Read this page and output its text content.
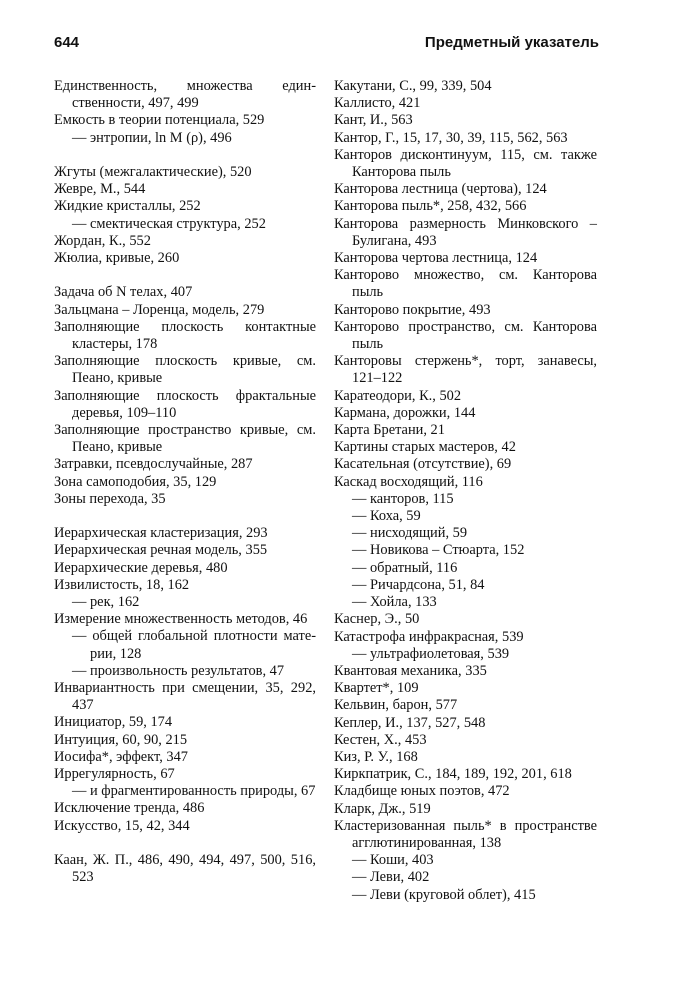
644	Предметный указатель
Единственность, множества единственности, 497, 499
Емкость в теории потенциала, 529
— энтропии, ln M (ρ), 496
Жгуты (межгалактические), 520
Жевре, М., 544
Жидкие кристаллы, 252
— смектическая структура, 252
Жордан, К., 552
Жюлиа, кривые, 260
Задача об N телах, 407
Зальцмана – Лоренца, модель, 279
Заполняющие плоскость контактные кластеры, 178
Заполняющие плоскость кривые, см. Пеано, кривые
Заполняющие плоскость фрактальные деревья, 109–110
Заполняющие пространство кривые, см. Пеано, кривые
Затравки, псевдослучайные, 287
Зона самоподобия, 35, 129
Зоны перехода, 35
Иерархическая кластеризация, 293
Иерархическая речная модель, 355
Иерархические деревья, 480
Извилистость, 18, 162
— рек, 162
Измерение множественность методов, 46
— общей глобальной плотности материи, 128
— произвольность результатов, 47
Инвариантность при смещении, 35, 292, 437
Инициатор, 59, 174
Интуиция, 60, 90, 215
Иосифа*, эффект, 347
Иррегулярность, 67
— и фрагментированность природы, 67
Исключение тренда, 486
Искусство, 15, 42, 344
Каан, Ж. П., 486, 490, 494, 497, 500, 516, 523
Какутани, С., 99, 339, 504
Каллисто, 421
Кант, И., 563
Кантор, Г., 15, 17, 30, 39, 115, 562, 563
Канторов дисконтинуум, 115, см. также Канторова пыль
Канторова лестница (чертова), 124
Канторова пыль*, 258, 432, 566
Канторова размерность Минковского – Булигана, 493
Канторова чертова лестница, 124
Канторово множество, см. Канторова пыль
Канторово покрытие, 493
Канторово пространство, см. Канторова пыль
Канторовы стержень*, торт, занавесы, 121–122
Каратеодори, К., 502
Кармана, дорожки, 144
Карта Бретани, 21
Картины старых мастеров, 42
Касательная (отсутствие), 69
Каскад восходящий, 116
— канторов, 115
— Коха, 59
— нисходящий, 59
— Новикова – Стюарта, 152
— обратный, 116
— Ричардсона, 51, 84
— Хойла, 133
Каснер, Э., 50
Катастрофа инфракрасная, 539
— ультрафиолетовая, 539
Квантовая механика, 335
Квартет*, 109
Кельвин, барон, 577
Кеплер, И., 137, 527, 548
Кестен, Х., 453
Киз, Р. У., 168
Киркпатрик, С., 184, 189, 192, 201, 618
Кладбище юных поэтов, 472
Кларк, Дж., 519
Кластеризованная пыль* в пространстве агглютинированная, 138
— Коши, 403
— Леви, 402
— Леви (круговой облет), 415
